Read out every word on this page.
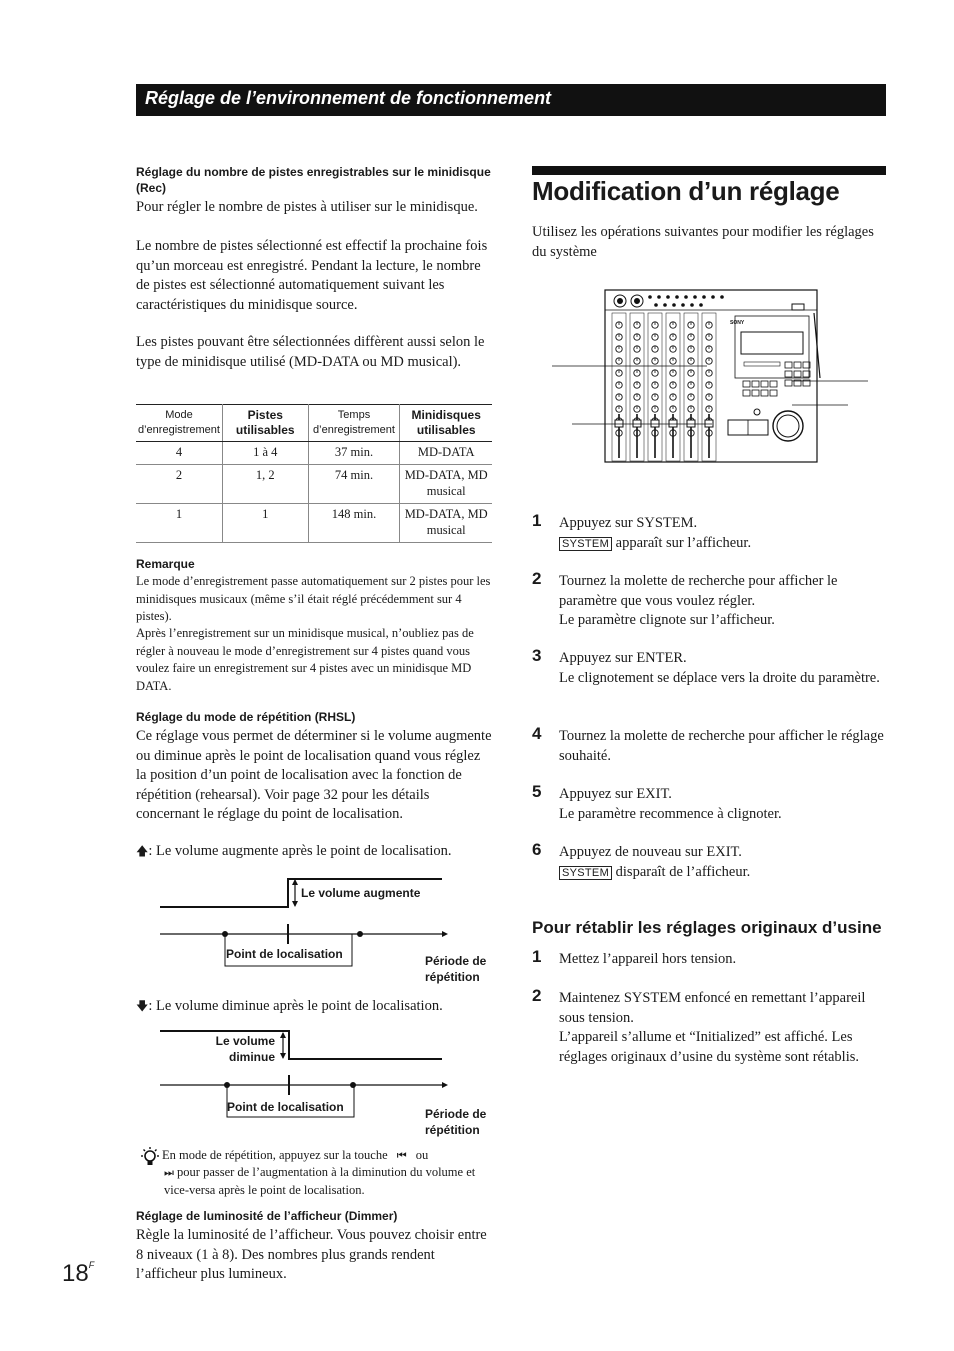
Réglage de l’environnement de fonctionnement
Réglage du nombre de pistes enregistrables sur le minidisque (Rec)
Pour régler le nombre de pistes à utiliser sur le minidisque.
Le nombre de pistes sélectionné est effectif la prochaine fois qu’un morceau est enregistré. Pendant la lecture, le nombre de pistes est sélectionné automatiquement suivant les caractéristiques du minidisque source.
Les pistes pouvant être sélectionnées diffèrent aussi selon le type de minidisque utilisé (MD-DATA ou MD musical).
Mode d’enregistrement	Pistes utilisables	Temps d’enregistrement	Minidisques utilisables
4	1 à 4	37 min.	MD-DATA
2	1, 2	74 min.	MD-DATA, MD musical
1	1	148 min.	MD-DATA, MD musical
Remarque
Le mode d’enregistrement passe automatiquement sur 2 pistes pour les minidisques musicaux (même s’il était réglé précédemment sur 4 pistes).
Après l’enregistrement sur un minidisque musical, n’oubliez pas de régler à nouveau le mode d’enregistrement sur 4 pistes quand vous voulez faire un enregistrement sur 4 pistes avec un minidisque MD DATA.
Réglage du mode de répétition (RHSL)
Ce réglage vous permet de déterminer si le volume augmente ou diminue après le point de localisation quand vous réglez la position d’un point de localisation avec la fonction de répétition (rehearsal). Voir page 32 pour les détails concernant le réglage du point de localisation.
🡅: Le volume augmente après le point de localisation.
Le volume augmente
Point de localisation	Période de répétition
🡇: Le volume diminue après le point de localisation.
Le volume diminue
Point de localisation	Période de répétition
En mode de répétition, appuyez sur la touche ⏮ ou
⏭ pour passer de l’augmentation à la diminution du volume et vice-versa après le point de localisation.
Réglage de luminosité de l’afficheur (Dimmer)
Règle la luminosité de l’afficheur. Vous pouvez choisir entre 8 niveaux (1 à 8). Des nombres plus grands rendent l’afficheur plus lumineux.
$18^F$
Modification d’un réglage
Utilisez les opérations suivantes pour modifier les réglages du système
SONY
1 Appuyez sur SYSTEM.
SYSTEM apparaît sur l’afficheur.
2 Tournez la molette de recherche pour afficher le paramètre que vous voulez régler.
Le paramètre clignote sur l’afficheur.
3 Appuyez sur ENTER.
Le clignotement se déplace vers la droite du paramètre.
4 Tournez la molette de recherche pour afficher le réglage souhaité.
5 Appuyez sur EXIT.
Le paramètre recommence à clignoter.
6 Appuyez de nouveau sur EXIT.
SYSTEM disparaît de l’afficheur.
Pour rétablir les réglages originaux d’usine
1 Mettez l’appareil hors tension.
2 Maintenez SYSTEM enfoncé en remettant l’appareil sous tension.
L’appareil s’allume et “Initialized” est affiché. Les réglages originaux d’usine du système sont rétablis.
